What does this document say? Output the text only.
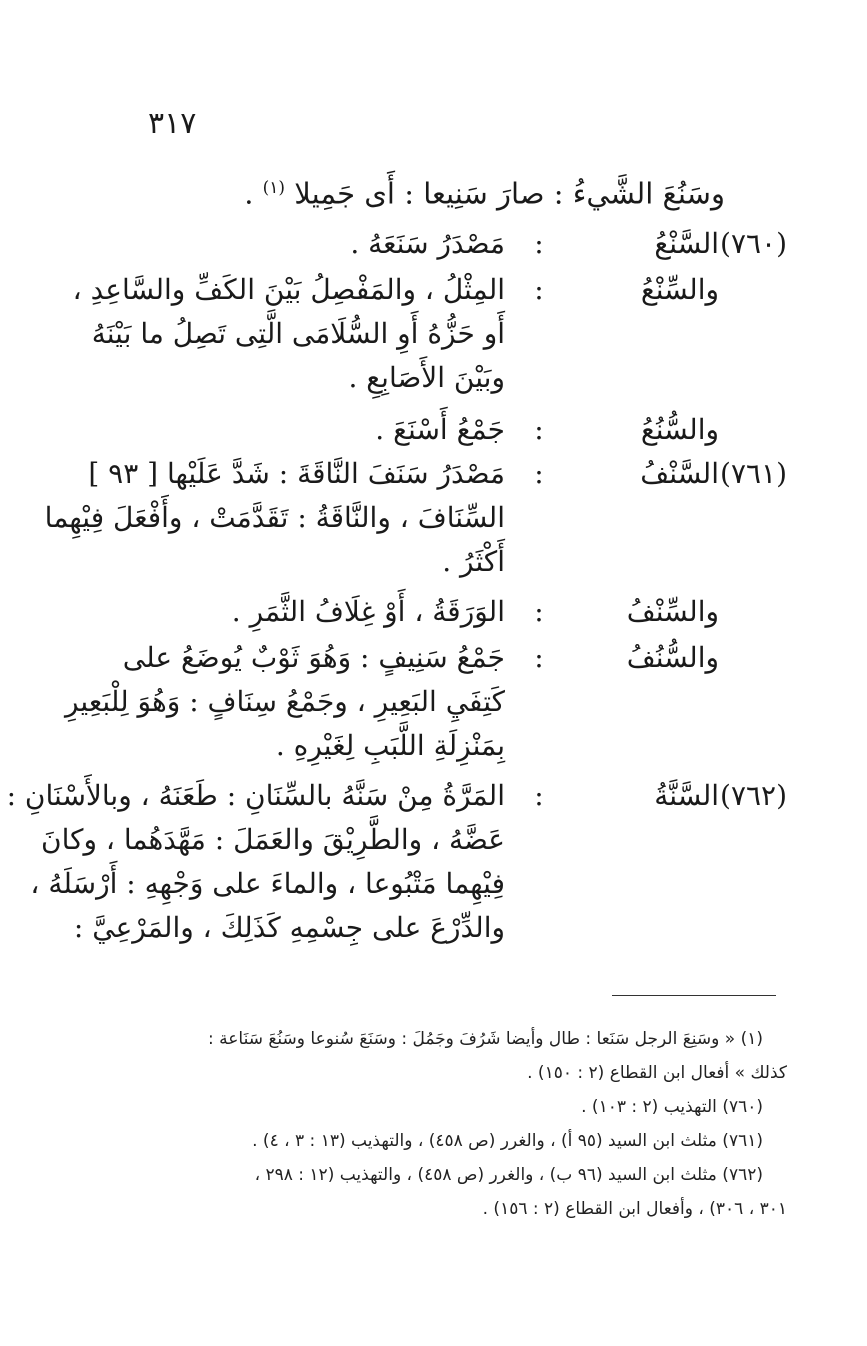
٣١٧
وسَنُعَ الشَّيءُ : صارَ سَنِيعا : أَى جَمِيلا $^{(١)}$ .
(٧٦٠)
السَّنْعُ
:
مَصْدَرُ سَنَعَهُ .
والسِّنْعُ
:
المِثْلُ ، والمَفْصِلُ بَيْنَ الكَفِّ والسَّاعِدِ ،
أَو حَزُّهُ أَوِ السُّلَامَى الَّتِى تَصِلُ ما بَيْنَهُ
وبَيْنَ الأَصَابِعِ .
والسُّنُعُ
:
جَمْعُ أَسْنَعَ .
(٧٦١)
السَّنْفُ
:
مَصْدَرُ سَنَفَ النَّاقَةَ : شَدَّ عَلَيْها [ ٩٣ ]
السِّنَافَ ، والنَّاقَةُ : تَقَدَّمَتْ ، وأَفْعَلَ فِيْهِما
أَكْثَرُ .
والسِّنْفُ
:
الوَرَقَةُ ، أَوْ غِلَافُ الثَّمَرِ .
والسُّنُفُ
:
جَمْعُ سَنِيفٍ : وَهُوَ ثَوْبٌ يُوضَعُ على
كَتِفَيِ البَعِيرِ ، وجَمْعُ سِنَافٍ : وَهُوَ لِلْبَعِيرِ
بِمَنْزِلَةِ اللَّبَبِ لِغَيْرِهِ .
(٧٦٢)
السَّنَّةُ
:
المَرَّةُ مِنْ سَنَّهُ بالسِّنَانِ : طَعَنَهُ ، وبالأَسْنَانِ :
عَضَّهُ ، والطَّرِيْقَ والعَمَلَ : مَهَّدَهُما ، وكانَ
فِيْهِما مَتْبُوعا ، والماءَ على وَجْهِهِ : أَرْسَلَهُ ،
والدِّرْعَ على جِسْمِهِ كَذَلِكَ ، والمَرْعِيَّ :
(١) « وسَنِعَ الرجل سَنَعا : طال وأيضا شَرُفَ وجَمُلَ : وسَنَعَ سُنوعا وسَنُعَ سَنَاعة :
كذلك » أفعال ابن القطاع (٢ : ١٥٠) .
(٧٦٠) التهذيب (٢ : ١٠٣) .
(٧٦١) مثلث ابن السيد (٩٥ أ) ، والغرر (ص ٤٥٨) ، والتهذيب (١٣ : ٣ ، ٤) .
(٧٦٢) مثلث ابن السيد (٩٦ ب) ، والغرر (ص ٤٥٨) ، والتهذيب (١٢ : ٢٩٨ ،
٣٠١ ، ٣٠٦) ، وأفعال ابن القطاع (٢ : ١٥٦) .
